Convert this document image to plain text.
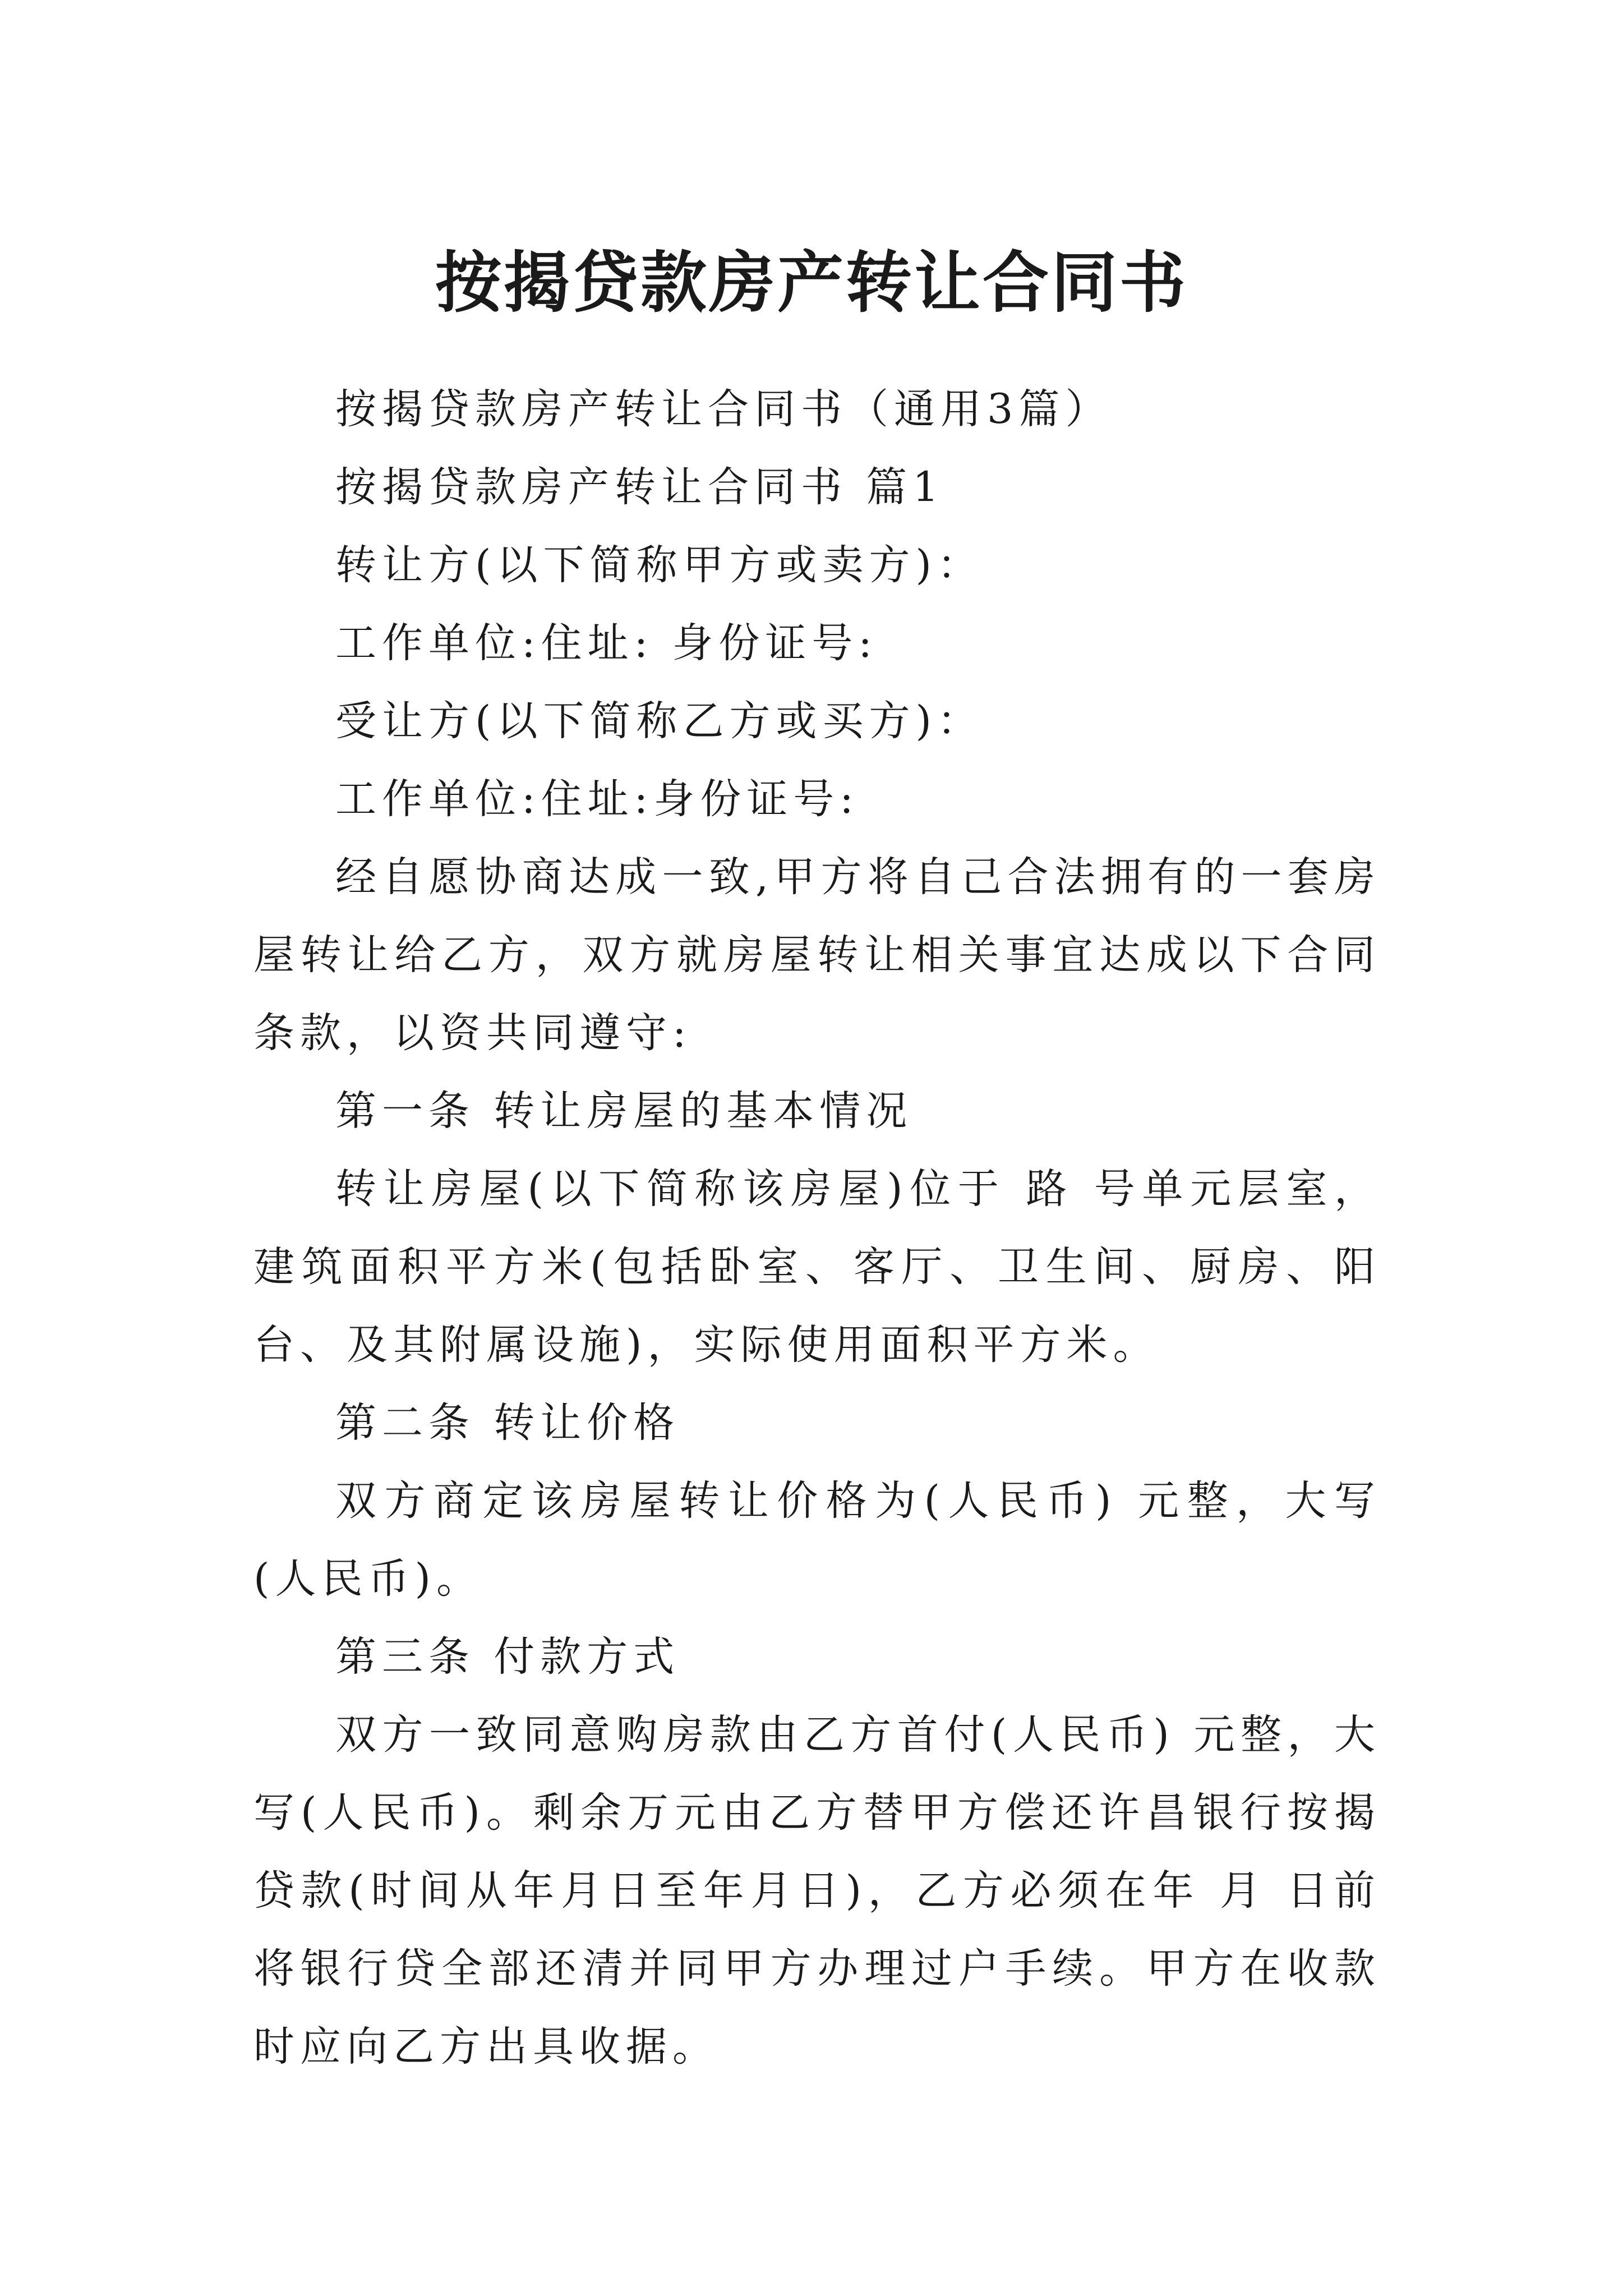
按揭贷款房产转让合同书

按揭贷款房产转让合同书（通用3篇）

按揭贷款房产转让合同书 篇1

转让方(以下简称甲方或卖方)：

工作单位:住址: 身份证号:

受让方(以下简称乙方或买方)：

工作单位:住址:身份证号:

经自愿协商达成一致,甲方将自己合法拥有的一套房屋转让给乙方，双方就房屋转让相关事宜达成以下合同条款，以资共同遵守:

第一条 转让房屋的基本情况

转让房屋(以下简称该房屋)位于 路 号单元层室，建筑面积平方米(包括卧室、客厅、卫生间、厨房、阳台、及其附属设施)，实际使用面积平方米。

第二条 转让价格

双方商定该房屋转让价格为(人民币) 元整，大写(人民币)。

第三条 付款方式

双方一致同意购房款由乙方首付(人民币) 元整，大写(人民币)。剩余万元由乙方替甲方偿还许昌银行按揭贷款(时间从年月日至年月日)，乙方必须在年 月 日前将银行贷全部还清并同甲方办理过户手续。甲方在收款时应向乙方出具收据。
